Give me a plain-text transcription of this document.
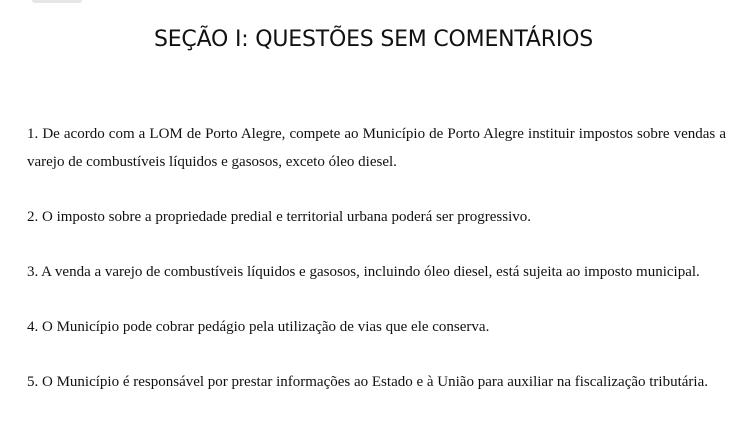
SEÇÃO I: QUESTÕES SEM COMENTÁRIOS
1. De acordo com a LOM de Porto Alegre, compete ao Município de Porto Alegre instituir impostos sobre vendas a varejo de combustíveis líquidos e gasosos, exceto óleo diesel.
2. O imposto sobre a propriedade predial e territorial urbana poderá ser progressivo.
3. A venda a varejo de combustíveis líquidos e gasosos, incluindo óleo diesel, está sujeita ao imposto municipal.
4. O Município pode cobrar pedágio pela utilização de vias que ele conserva.
5. O Município é responsável por prestar informações ao Estado e à União para auxiliar na fiscalização tributária.
